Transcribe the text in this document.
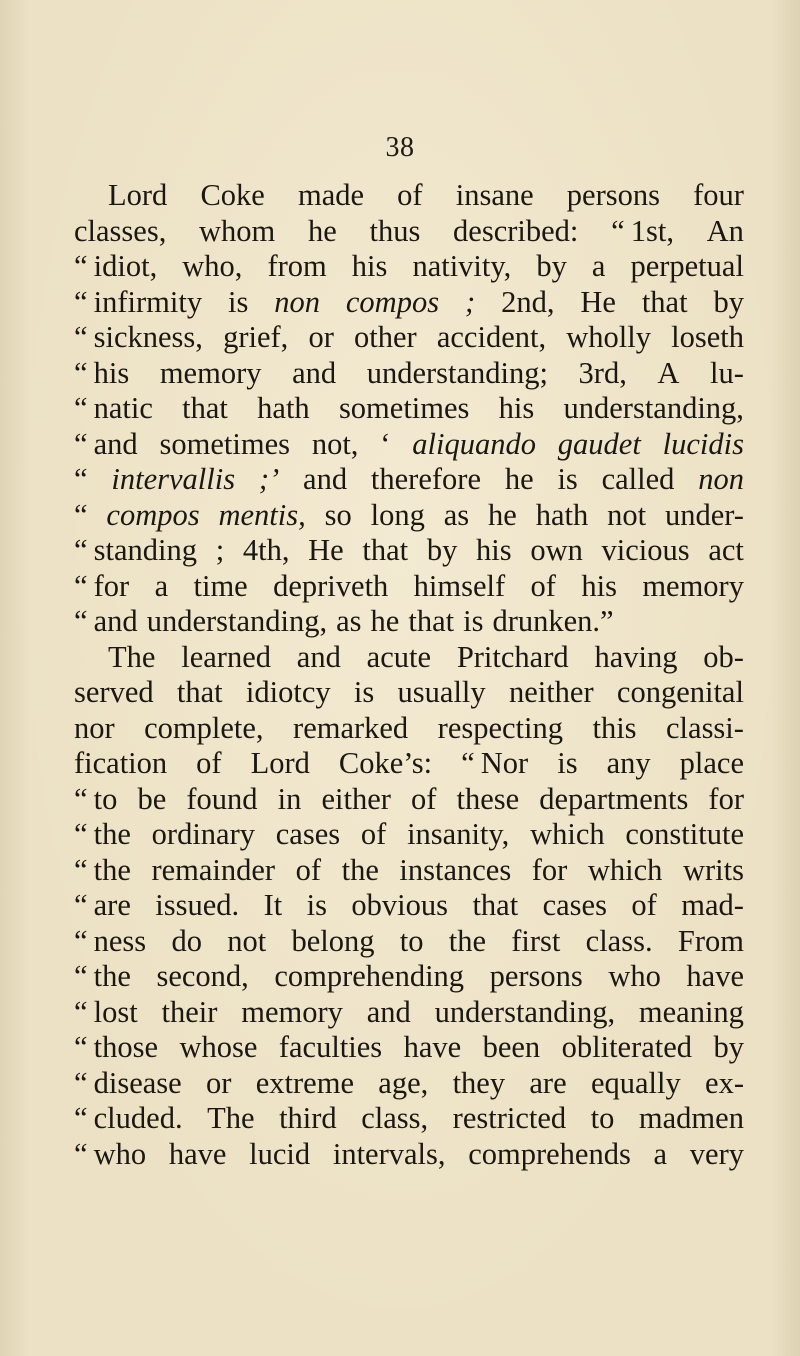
38
Lord Coke made of insane persons four
classes, whom he thus described: “ 1st, An
“ idiot, who, from his nativity, by a perpetual
“ infirmity is non compos ; 2nd, He that by
“ sickness, grief, or other accident, wholly loseth
“ his memory and understanding; 3rd, A lu-
“ natic that hath sometimes his understanding,
“ and sometimes not, ‘ aliquando gaudet lucidis
“ intervallis ;’ and therefore he is called non
“ compos mentis, so long as he hath not under-
“ standing ; 4th, He that by his own vicious act
“ for a time depriveth himself of his memory
“ and understanding, as he that is drunken.”
The learned and acute Pritchard having ob-
served that idiotcy is usually neither congenital
nor complete, remarked respecting this classi-
fication of Lord Coke’s: “ Nor is any place
“ to be found in either of these departments for
“ the ordinary cases of insanity, which constitute
“ the remainder of the instances for which writs
“ are issued. It is obvious that cases of mad-
“ ness do not belong to the first class. From
“ the second, comprehending persons who have
“ lost their memory and understanding, meaning
“ those whose faculties have been obliterated by
“ disease or extreme age, they are equally ex-
“ cluded. The third class, restricted to madmen
“ who have lucid intervals, comprehends a very
